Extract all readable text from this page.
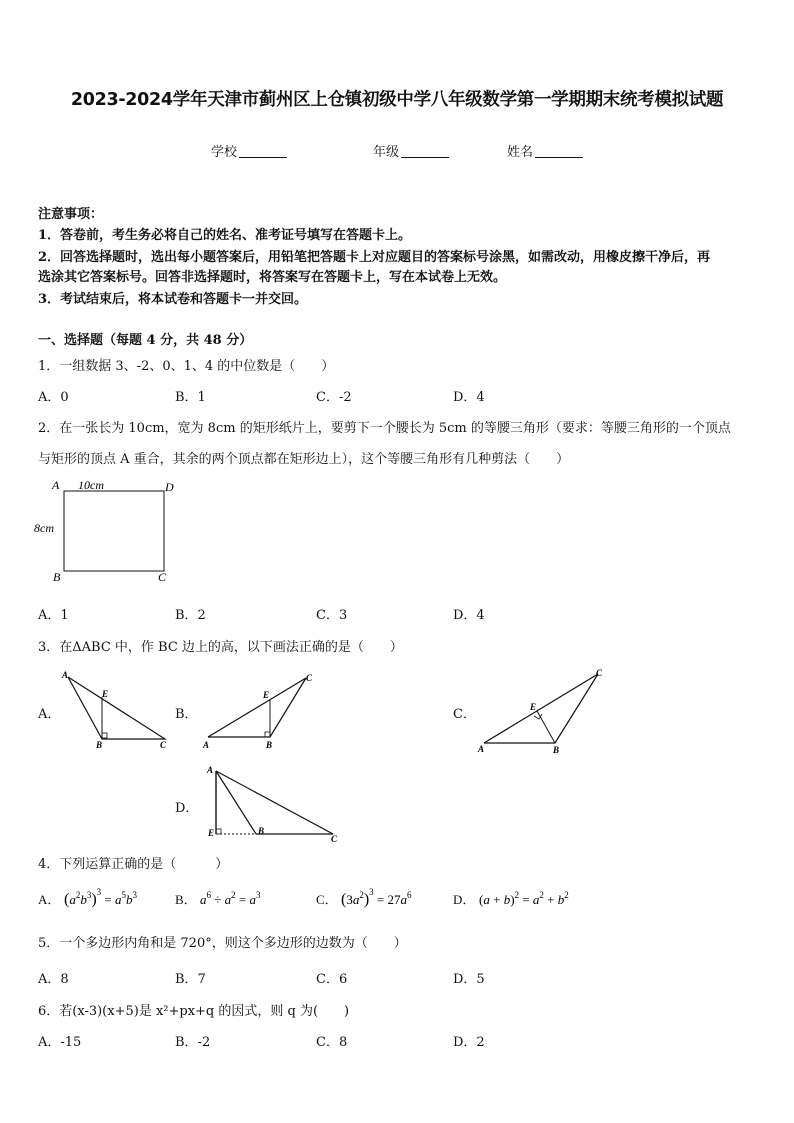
2023-2024学年天津市蓟州区上仓镇初级中学八年级数学第一学期期末统考模拟试题
学校	年级	姓名
注意事项：
1．答卷前，考生务必将自己的姓名、准考证号填写在答题卡上。
2．回答选择题时，选出每小题答案后，用铅笔把答题卡上对应题目的答案标号涂黑，如需改动，用橡皮擦干净后，再
选涂其它答案标号。回答非选择题时，将答案写在答题卡上，写在本试卷上无效。
3．考试结束后，将本试卷和答题卡一并交回。
一、选择题（每题 4 分，共 48 分）
1．一组数据 3、-2、0、1、4 的中位数是（　　）
A．0	B．1	C．-2	D．4
2．在一张长为 10cm，宽为 8cm 的矩形纸片上，要剪下一个腰长为 5cm 的等腰三角形（要求：等腰三角形的一个顶点
与矩形的顶点 A 重合，其余的两个顶点都在矩形边上），这个等腰三角形有几种剪法（　　）
A 10cm	D
8cm
B	C
A．1	B．2	C．3	D．4
3．在ΔABC 中，作 BC 边上的高，以下画法正确的是（　　）
A．
A
E
B	C
B．
A
E
B
C
C．
A
E
B
C
D．
A
B
C
E
4．下列运算正确的是（　　　）
A． $(a^2b^3)^3 = a^5b^3$	B． $a^6 \div a^2 = a^3$	C． $(3a^2)^3 = 27a^6$	D． $(a + b)^2 = a^2 + b^2$
5．一个多边形内角和是 720°，则这个多边形的边数为（　　）
A．8	B．7	C．6	D．5
6．若(x-3)(x+5)是 x²+px+q 的因式，则 q 为(　　)
A．-15	B．-2	C．8	D．2
